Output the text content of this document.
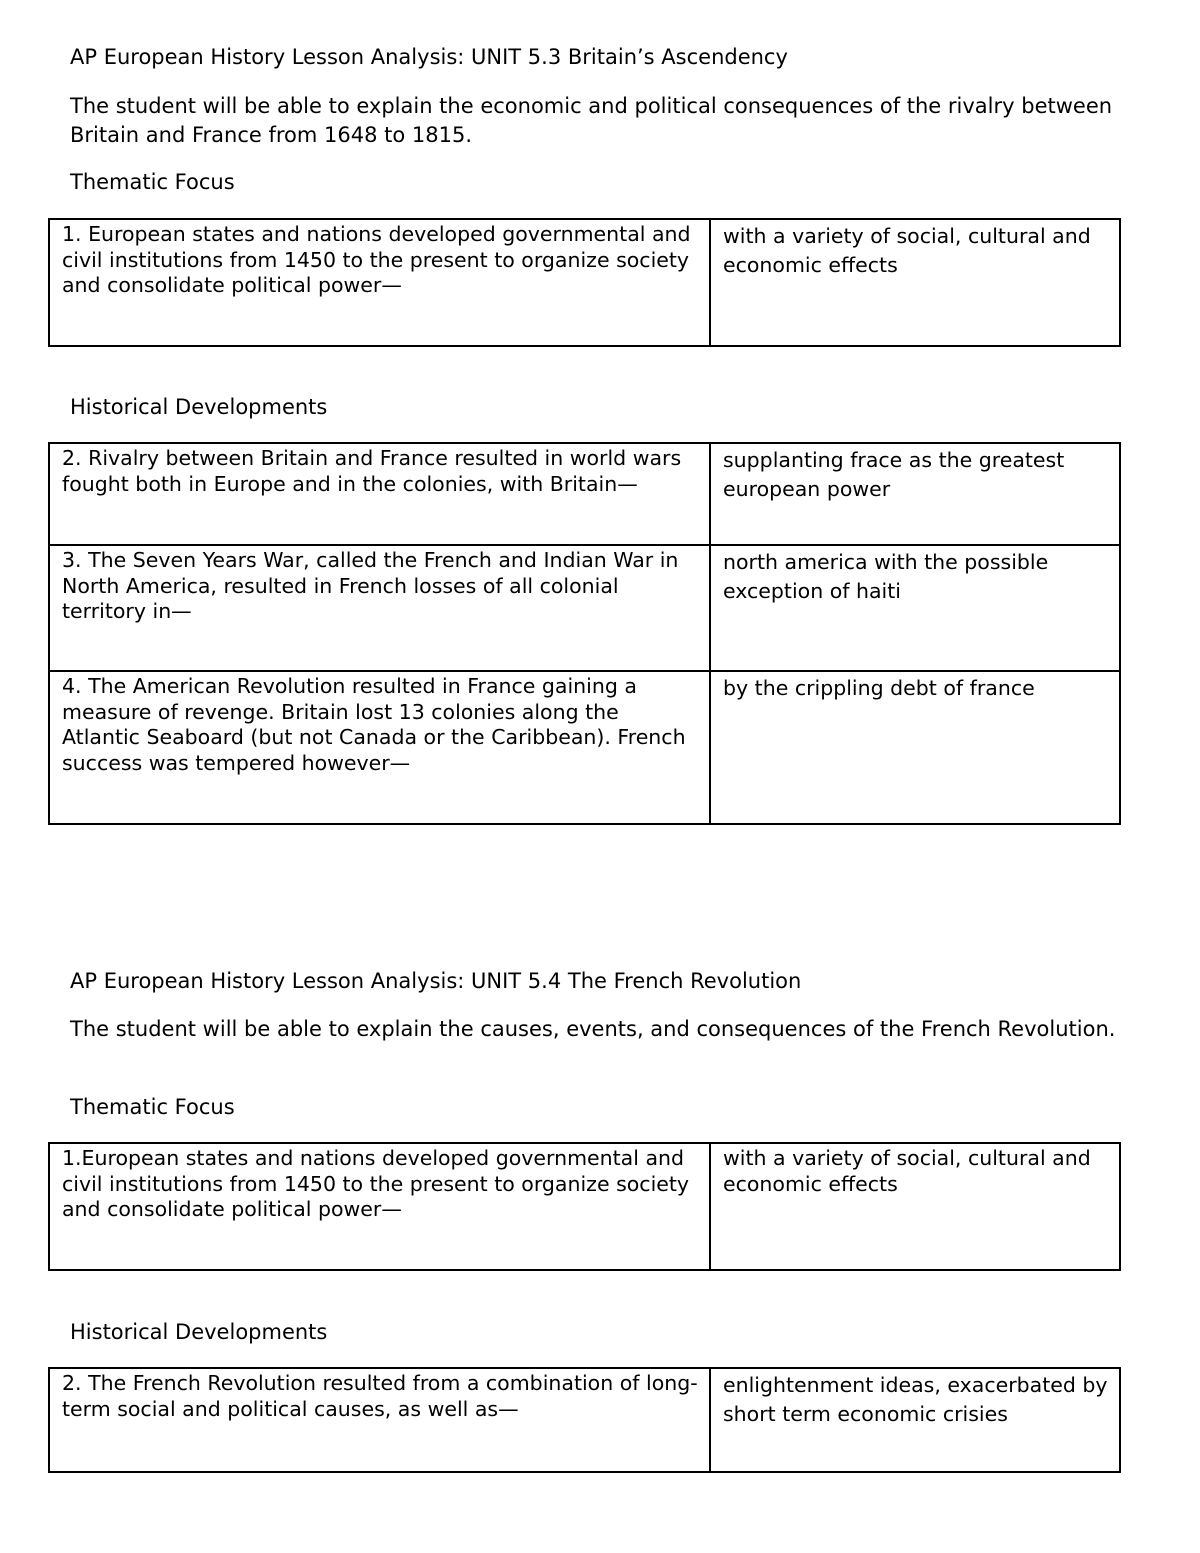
AP European History Lesson Analysis: UNIT 5.3 Britain’s Ascendency

The student will be able to explain the economic and political consequences of the rivalry between Britain and France from 1648 to 1815.

Thematic Focus

1. European states and nations developed governmental and civil institutions from 1450 to the present to organize society and consolidate political power—	with a variety of social, cultural and economic effects

Historical Developments

2. Rivalry between Britain and France resulted in world wars fought both in Europe and in the colonies, with Britain—	supplanting frace as the greatest european power
3. The Seven Years War, called the French and Indian War in North America, resulted in French losses of all colonial territory in—	north america with the possible exception of haiti
4. The American Revolution resulted in France gaining a measure of revenge. Britain lost 13 colonies along the Atlantic Seaboard (but not Canada or the Caribbean). French success was tempered however—	by the crippling debt of france

AP European History Lesson Analysis: UNIT 5.4 The French Revolution

The student will be able to explain the causes, events, and consequences of the French Revolution.

Thematic Focus

1.European states and nations developed governmental and civil institutions from 1450 to the present to organize society and consolidate political power—	with a variety of social, cultural and economic effects

Historical Developments

2. The French Revolution resulted from a combination of long-term social and political causes, as well as—	enlightenment ideas, exacerbated by short term economic crisies
